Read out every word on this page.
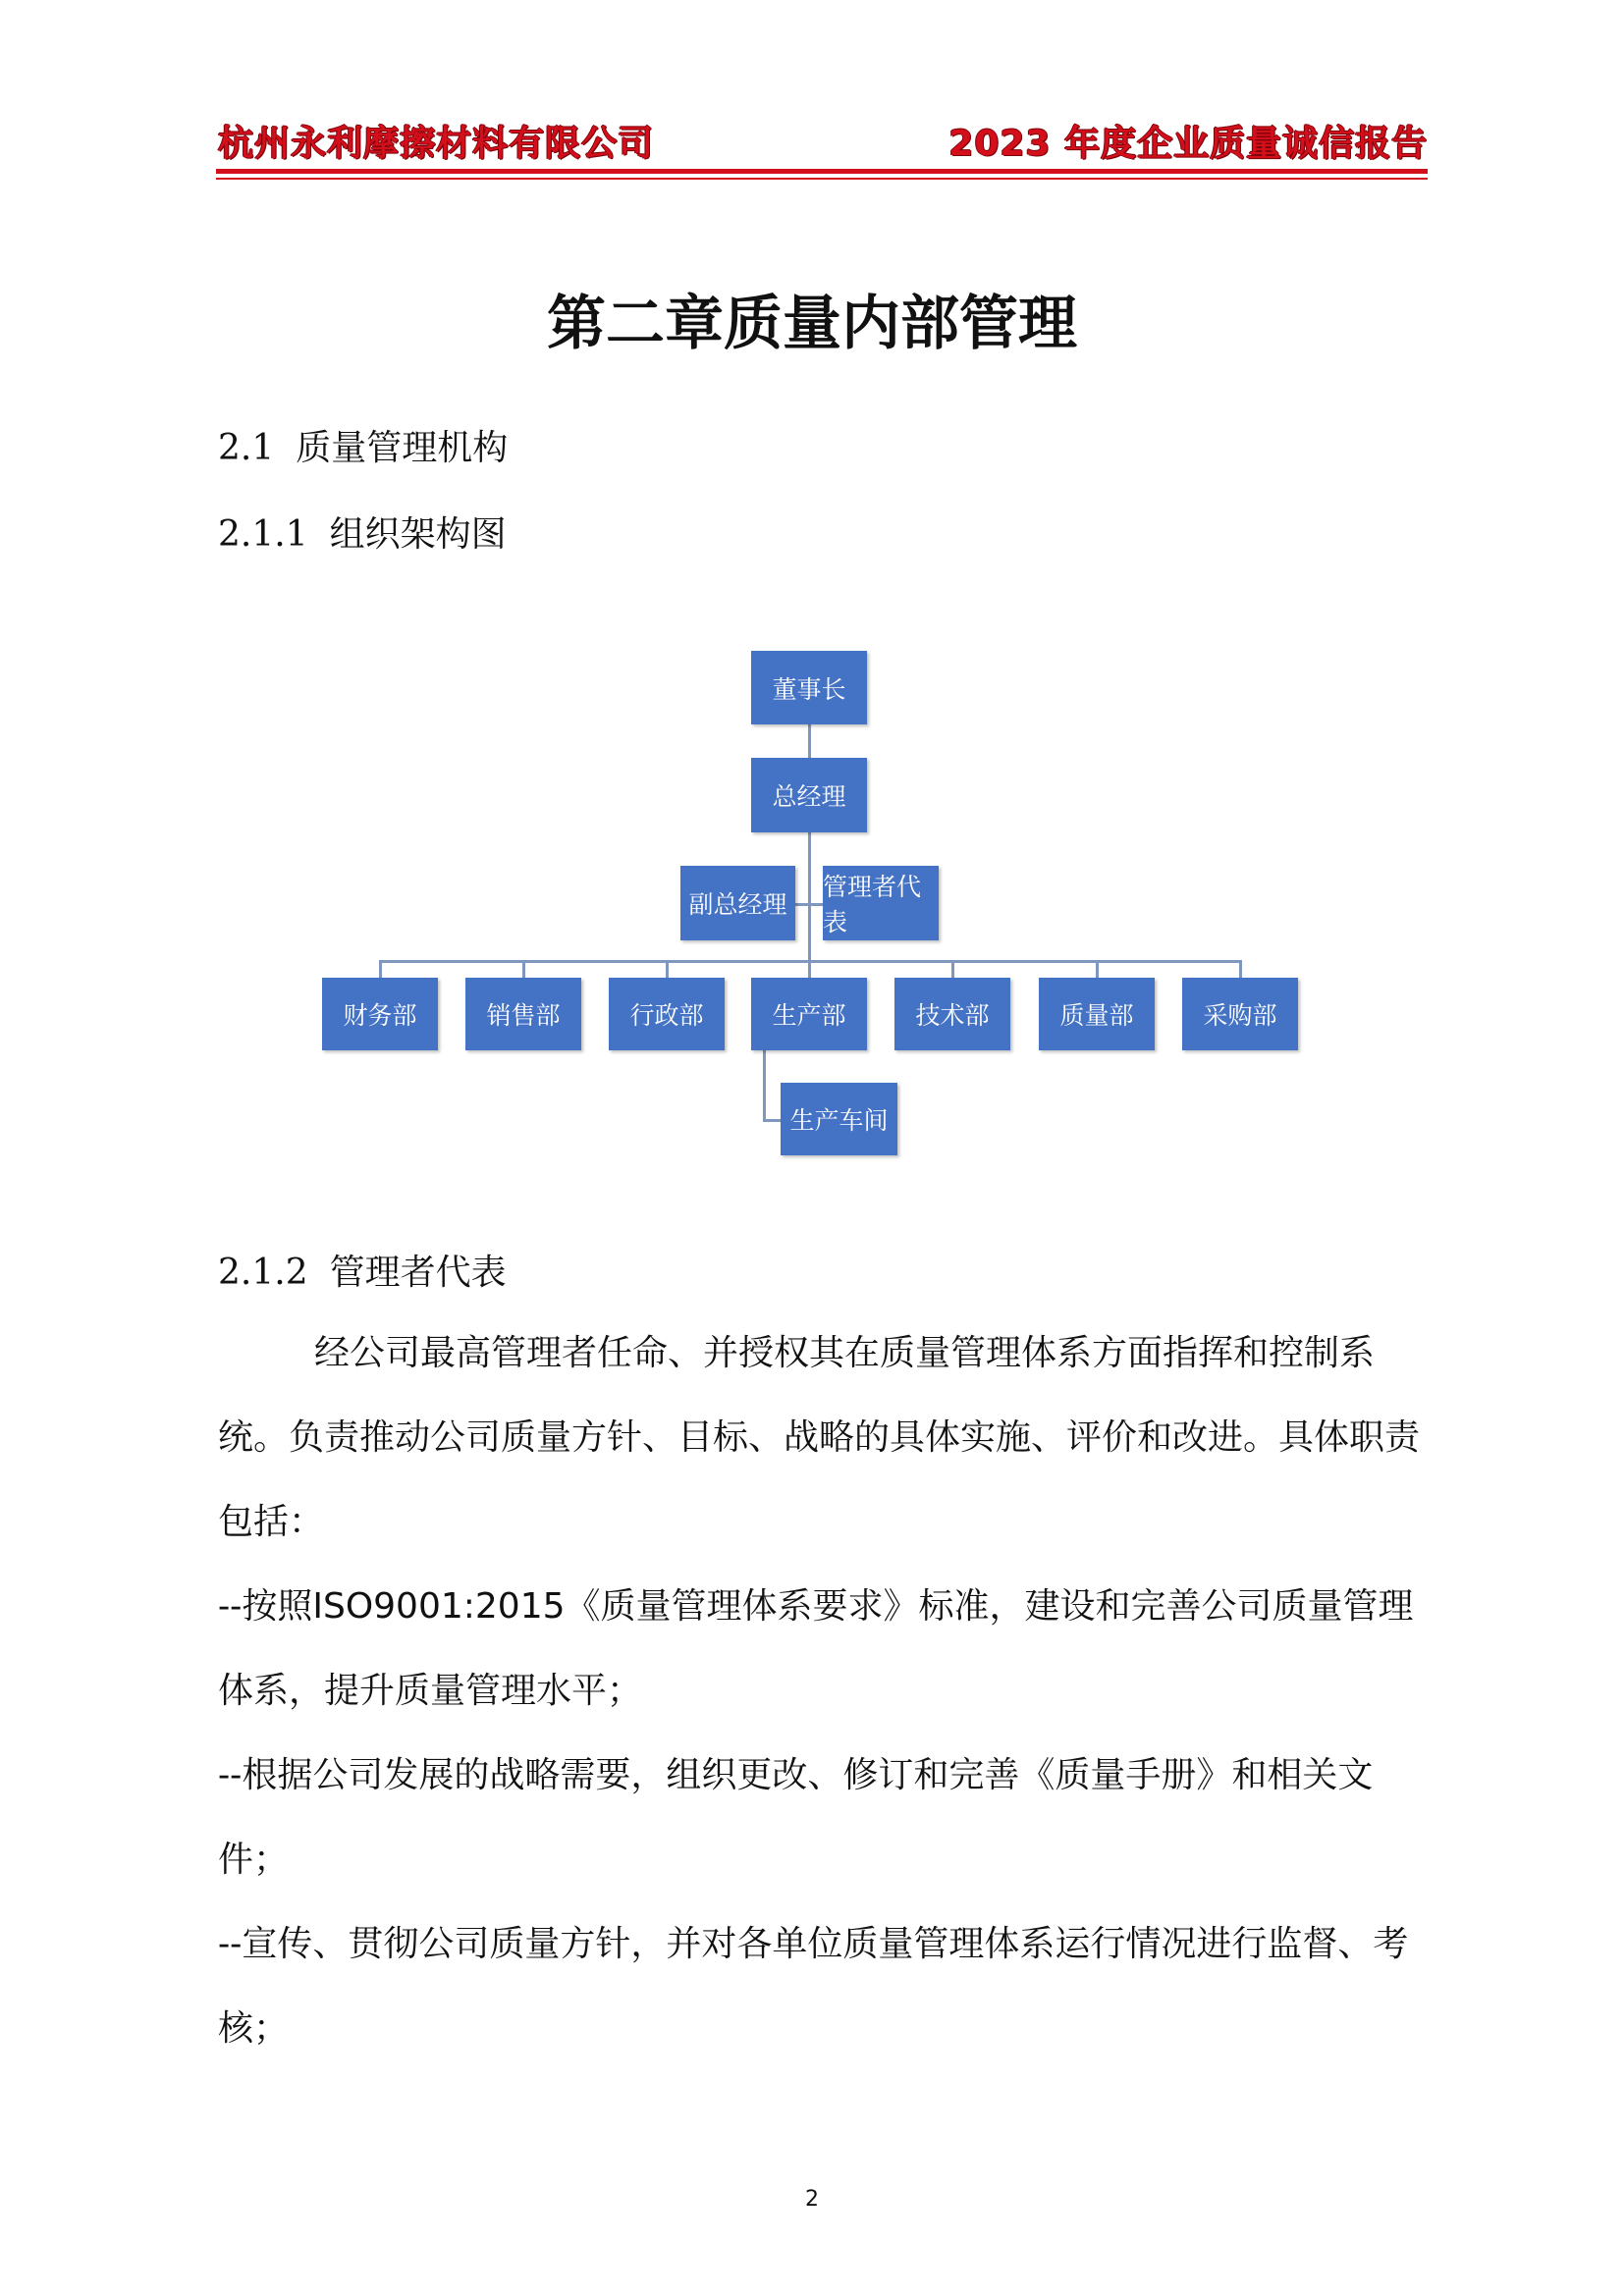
杭州永利摩擦材料有限公司	2023 年度企业质量诚信报告
第二章质量内部管理
2.1 质量管理机构
2.1.1 组织架构图
董事长
总经理
副总经理
管理者代表
财务部	销售部	行政部	生产部	技术部	质量部	采购部
生产车间
2.1.2 管理者代表

经公司最高管理者任命、并授权其在质量管理体系方面指挥和控制系统。负责推动公司质量方针、目标、战略的具体实施、评价和改进。具体职责包括：

--按照ISO9001:2015《质量管理体系要求》标准，建设和完善公司质量管理体系，提升质量管理水平；

--根据公司发展的战略需要，组织更改、修订和完善《质量手册》和相关文件；

--宣传、贯彻公司质量方针，并对各单位质量管理体系运行情况进行监督、考核；

2
